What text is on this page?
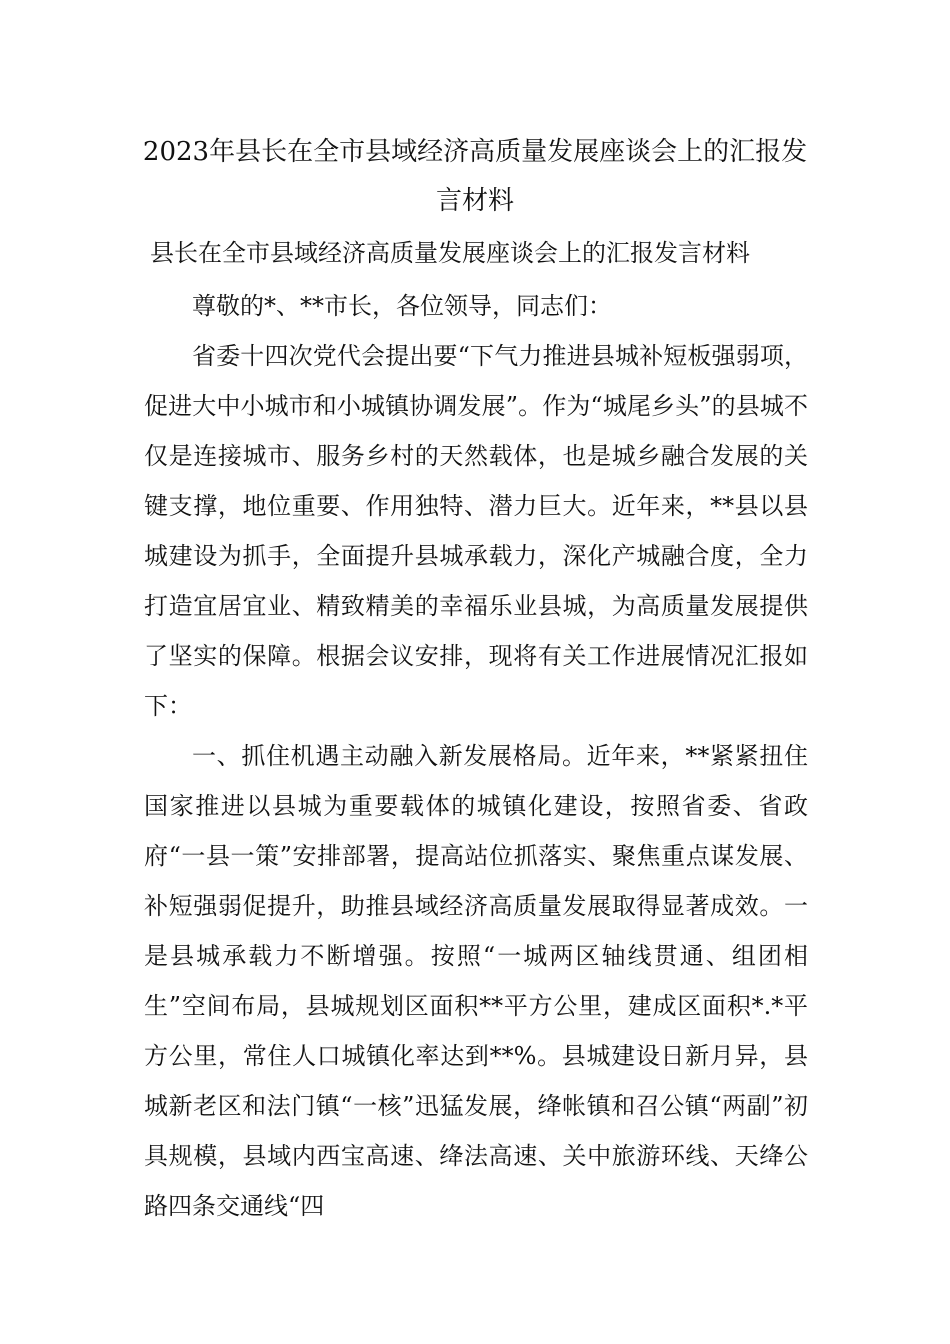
2023年县长在全市县域经济高质量发展座谈会上的汇报发言材料
县长在全市县域经济高质量发展座谈会上的汇报发言材料

尊敬的*、**市长，各位领导，同志们：

省委十四次党代会提出要“下气力推进县城补短板强弱项，促进大中小城市和小城镇协调发展”。作为“城尾乡头”的县城不仅是连接城市、服务乡村的天然载体，也是城乡融合发展的关键支撑，地位重要、作用独特、潜力巨大。近年来，**县以县城建设为抓手，全面提升县城承载力，深化产城融合度，全力打造宜居宜业、精致精美的幸福乐业县城，为高质量发展提供了坚实的保障。根据会议安排，现将有关工作进展情况汇报如下：

一、抓住机遇主动融入新发展格局。近年来，**紧紧扭住国家推进以县城为重要载体的城镇化建设，按照省委、省政府“一县一策”安排部署，提高站位抓落实、聚焦重点谋发展、补短强弱促提升，助推县域经济高质量发展取得显著成效。一是县城承载力不断增强。按照“一城两区轴线贯通、组团相生”空间布局，县城规划区面积**平方公里，建成区面积*.*平方公里，常住人口城镇化率达到**%。县城建设日新月异，县城新老区和法门镇“一核”迅猛发展，绛帐镇和召公镇“两副”初具规模，县域内西宝高速、绛法高速、关中旅游环线、天绛公路四条交通线“四
